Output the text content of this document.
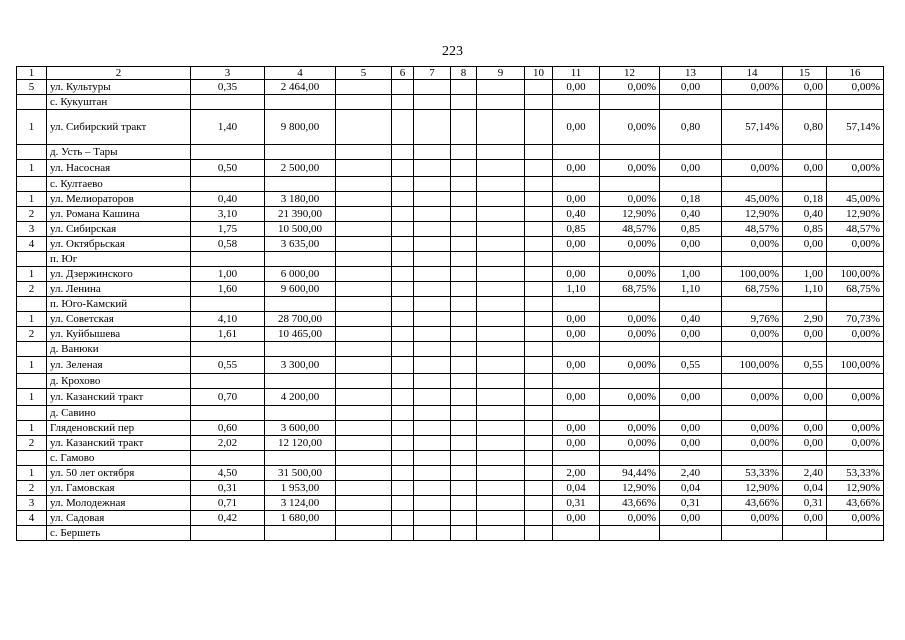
223
1	2	3	4	5	6	7	8	9	10	11	12	13	14	15	16
5	ул. Культуры	0,35	2 464,00							0,00	0,00%	0,00	0,00%	0,00	0,00%
	с. Кукуштан														
1	ул. Сибирский тракт	1,40	9 800,00							0,00	0,00%	0,80	57,14%	0,80	57,14%
	д. Усть – Тары														
1	ул. Насосная	0,50	2 500,00							0,00	0,00%	0,00	0,00%	0,00	0,00%
	с. Култаево														
1	ул. Мелиораторов	0,40	3 180,00							0,00	0,00%	0,18	45,00%	0,18	45,00%
2	ул. Романа Кашина	3,10	21 390,00							0,40	12,90%	0,40	12,90%	0,40	12,90%
3	ул. Сибирская	1,75	10 500,00							0,85	48,57%	0,85	48,57%	0,85	48,57%
4	ул. Октябрьская	0,58	3 635,00							0,00	0,00%	0,00	0,00%	0,00	0,00%
	п. Юг														
1	ул. Дзержинского	1,00	6 000,00							0,00	0,00%	1,00	100,00%	1,00	100,00%
2	ул. Ленина	1,60	9 600,00							1,10	68,75%	1,10	68,75%	1,10	68,75%
	п. Юго-Камский														
1	ул. Советская	4,10	28 700,00							0,00	0,00%	0,40	9,76%	2,90	70,73%
2	ул. Куйбышева	1,61	10 465,00							0,00	0,00%	0,00	0,00%	0,00	0,00%
	д. Ванюки														
1	ул. Зеленая	0,55	3 300,00							0,00	0,00%	0,55	100,00%	0,55	100,00%
	д. Крохово														
1	ул. Казанский тракт	0,70	4 200,00							0,00	0,00%	0,00	0,00%	0,00	0,00%
	д. Савино														
1	Гляденовский пер	0,60	3 600,00							0,00	0,00%	0,00	0,00%	0,00	0,00%
2	ул. Казанский тракт	2,02	12 120,00							0,00	0,00%	0,00	0,00%	0,00	0,00%
	с. Гамово														
1	ул. 50 лет октября	4,50	31 500,00							2,00	94,44%	2,40	53,33%	2,40	53,33%
2	ул. Гамовская	0,31	1 953,00							0,04	12,90%	0,04	12,90%	0,04	12,90%
3	ул. Молодежная	0,71	3 124,00							0,31	43,66%	0,31	43,66%	0,31	43,66%
4	ул. Садовая	0,42	1 680,00							0,00	0,00%	0,00	0,00%	0,00	0,00%
	с. Бершеть														
